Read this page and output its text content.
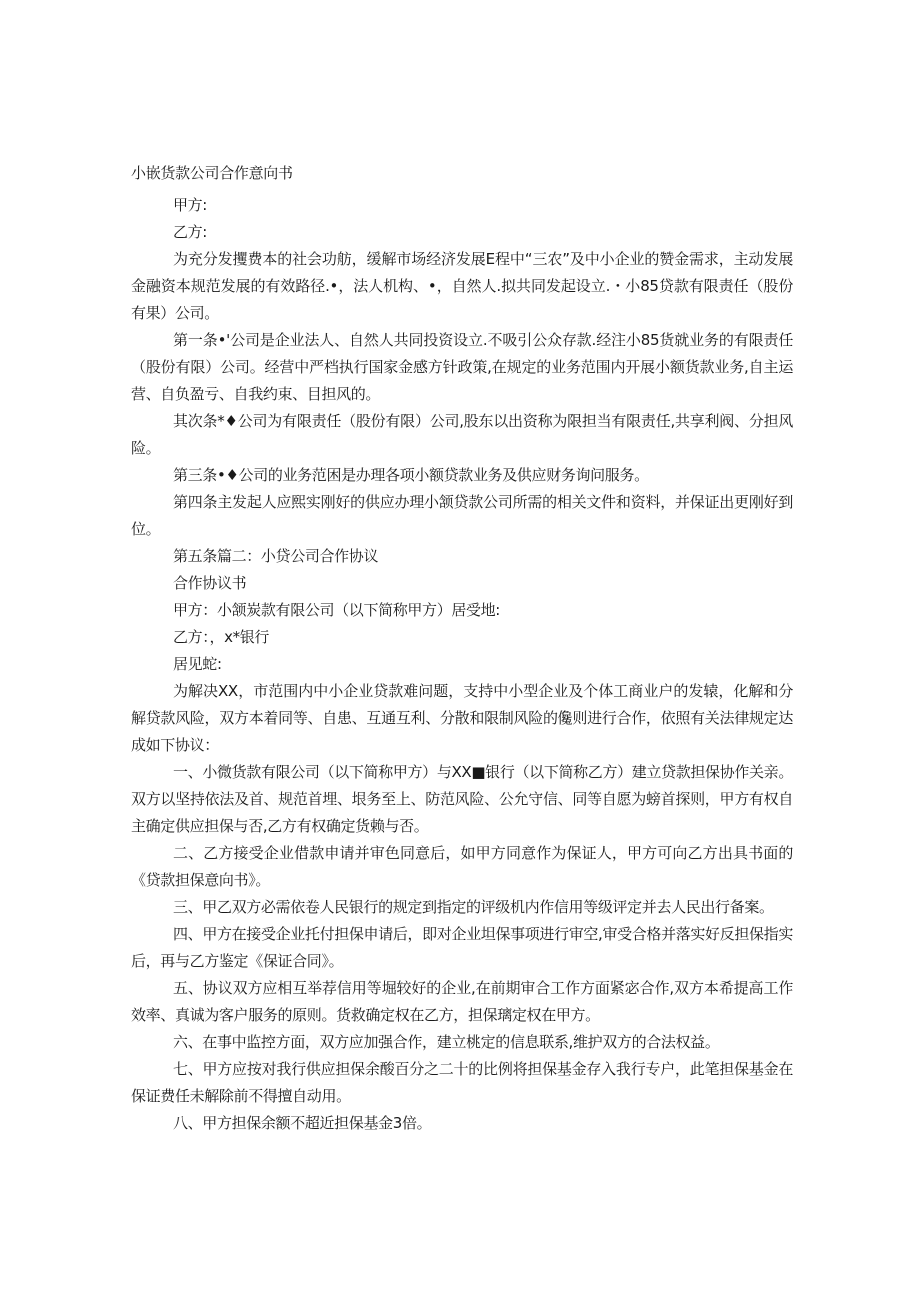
小嵌货款公司合作意向书

甲方:

乙方:

为充分发攫费本的社会功舫，缓解市场经济发展E程中“三农”及中小企业的赞金需求，主动发展金融资本规范发展的有效路径.•，法人机构、•，自然人.拟共同发起设立.・小85贷款有限责任（股份有果）公司。

第一条•'公司是企业法人、自然人共同投资设立.不吸引公众存款.经注小85货就业务的有限责任（股份有限）公司。经营中严档执行国家金感方针政策,在规定的业务范围内开展小额货款业务,自主运营、自负盈亏、自我约束、目担风的。

其次条*♦公司为有限责任（股份有限）公司,股东以出资称为限担当有限责任,共享利阀、分担风险。

第三条•♦公司的业务范困是办理各项小额贷款业务及供应财务询问服务。

第四条主发起人应熙实刚好的供应办理小颔贷款公司所需的相关文件和资料，并保证出更刚好到位。

第五条篇二：小贷公司合作协议

合作协议书

甲方：小颔炭款有限公司（以下简称甲方）居受地:

乙方：，x*银行

居见蛇:

为解决XX，市范围内中小企业贷款难问题，支持中小型企业及个体工商业户的发辕，化解和分解贷款风险，双方本着同等、自患、互通互利、分散和限制风险的儳则进行合作，依照有关法律规定达成如下协议：

一、小微货款有限公司（以下简称甲方）与XX■银行（以下简称乙方）建立贷款担保协作关亲。双方以坚持依法及首、规范首埋、垠务至上、防范风险、公允守信、同等自愿为螃首探则，甲方有权自主确定供应担保与否,乙方有权确定货赖与否。

二、乙方接受企业借款申请并审色同意后，如甲方同意作为保证人，甲方可向乙方出具书面的《贷款担保意向书》。

三、甲乙双方必需依卷人民银行的规定到指定的评级机内作信用等级评定并去人民出行备案。

四、甲方在接受企业托付担保申请后，即对企业坦保事项进行审空,审受合格并落实好反担保指实后，再与乙方鉴定《保证合同》。

五、协议双方应相互举荐信用等堀较好的企业,在前期审合工作方面紧宓合作,双方本希提高工作效率、真诚为客户服务的原则。货救确定权在乙方，担保璃定权在甲方。

六、在事中监控方面，双方应加强合作，建立桃定的信息联系,维护双方的合法权益。

七、甲方应按对我行供应担保余酸百分之二十的比例将担保基金存入我行专户，此笔担保基金在保证费任未解除前不得擅自动用。

八、甲方担保余额不超近担保基金3倍。
